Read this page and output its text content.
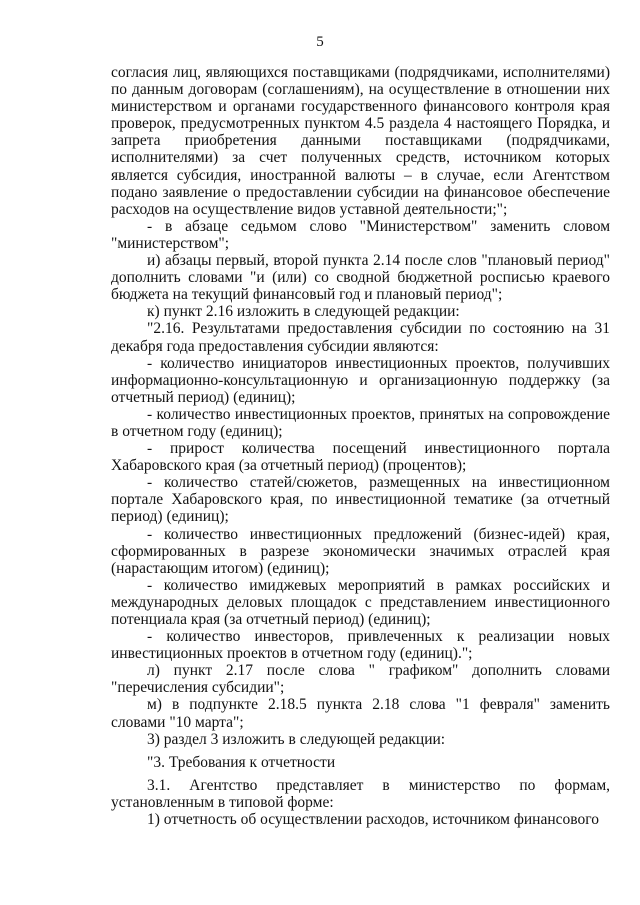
5

согласия лиц, являющихся поставщиками (подрядчиками, исполнителями) по данным договорам (соглашениям), на осуществление в отношении них министерством и органами государственного финансового контроля края проверок, предусмотренных пунктом 4.5 раздела 4 настоящего Порядка, и запрета приобретения данными поставщиками (подрядчиками, исполнителями) за счет полученных средств, источником которых является субсидия, иностранной валюты – в случае, если Агентством подано заявление о предоставлении субсидии на финансовое обеспечение расходов на осуществление видов уставной деятельности;";

- в абзаце седьмом слово "Министерством" заменить словом "министерством";

и) абзацы первый, второй пункта 2.14 после слов "плановый период" дополнить словами "и (или) со сводной бюджетной росписью краевого бюджета на текущий финансовый год и плановый период";

к) пункт 2.16 изложить в следующей редакции:

"2.16. Результатами предоставления субсидии по состоянию на 31 декабря года предоставления субсидии являются:

- количество инициаторов инвестиционных проектов, получивших информационно-консультационную и организационную поддержку (за отчетный период) (единиц);

- количество инвестиционных проектов, принятых на сопровождение в отчетном году (единиц);

- прирост количества посещений инвестиционного портала Хабаровского края (за отчетный период) (процентов);

- количество статей/сюжетов, размещенных на инвестиционном портале Хабаровского края, по инвестиционной тематике (за отчетный период) (единиц);

- количество инвестиционных предложений (бизнес-идей) края, сформированных в разрезе экономически значимых отраслей края (нарастающим итогом) (единиц);

- количество имиджевых мероприятий в рамках российских и международных деловых площадок с представлением инвестиционного потенциала края (за отчетный период) (единиц);

- количество инвесторов, привлеченных к реализации новых инвестиционных проектов в отчетном году (единиц).";

л) пункт 2.17 после слова " графиком" дополнить словами "перечисления субсидии";

м) в подпункте 2.18.5 пункта 2.18 слова "1 февраля" заменить словами "10 марта";

3) раздел 3 изложить в следующей редакции:

"3. Требования к отчетности

3.1. Агентство представляет в министерство по формам, установленным в типовой форме:

1) отчетность об осуществлении расходов, источником финансового
